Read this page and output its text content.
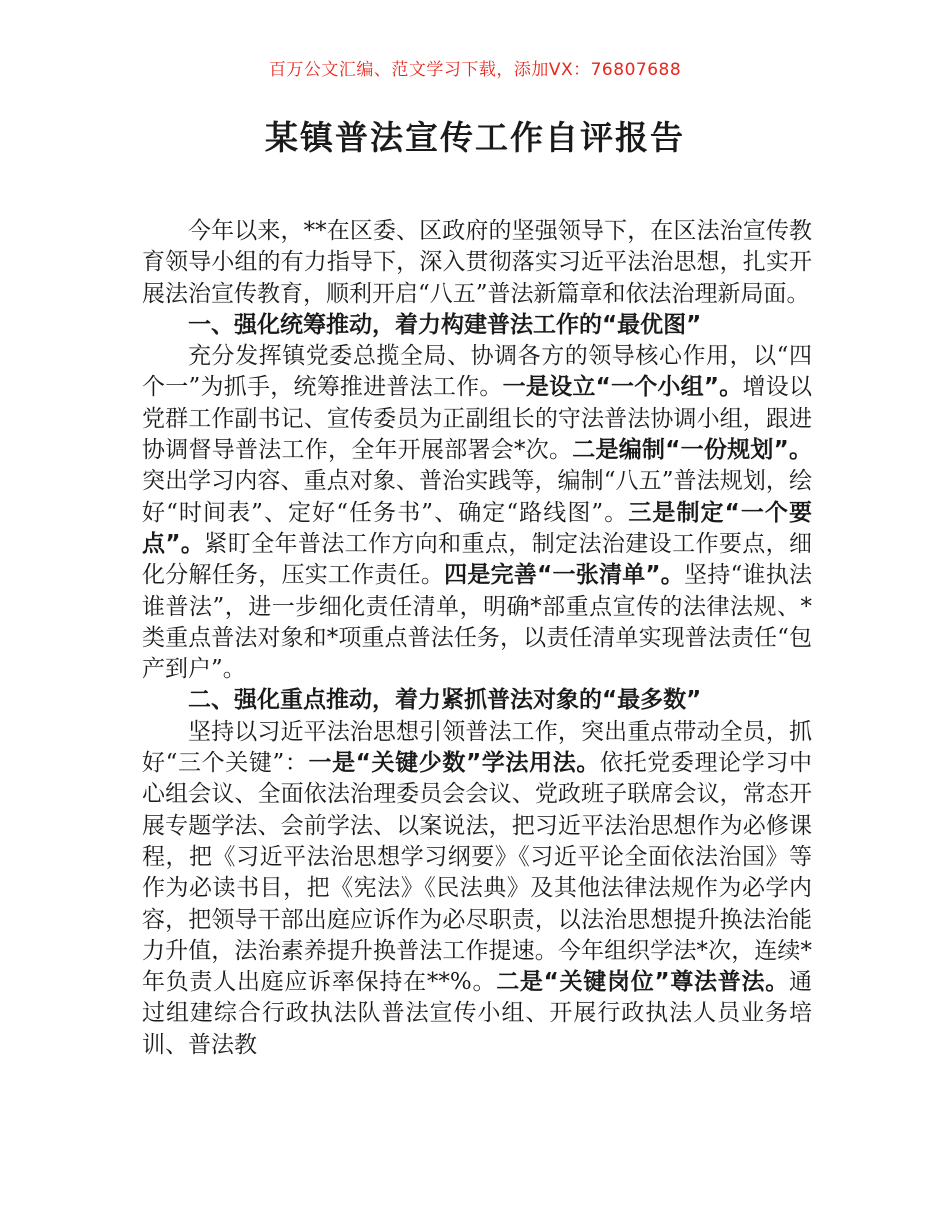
百万公文汇编、范文学习下载，添加VX：76807688
某镇普法宣传工作自评报告

今年以来，**在区委、区政府的坚强领导下，在区法治宣传教育领导小组的有力指导下，深入贯彻落实习近平法治思想，扎实开展法治宣传教育，顺利开启“八五”普法新篇章和依法治理新局面。

一、强化统筹推动，着力构建普法工作的“最优图”

充分发挥镇党委总揽全局、协调各方的领导核心作用，以“四个一”为抓手，统筹推进普法工作。一是设立“一个小组”。增设以党群工作副书记、宣传委员为正副组长的守法普法协调小组，跟进协调督导普法工作，全年开展部署会*次。二是编制“一份规划”。突出学习内容、重点对象、普治实践等，编制“八五”普法规划，绘好“时间表”、定好“任务书”、确定“路线图”。三是制定“一个要点”。紧盯全年普法工作方向和重点，制定法治建设工作要点，细化分解任务，压实工作责任。四是完善“一张清单”。坚持“谁执法谁普法”，进一步细化责任清单，明确*部重点宣传的法律法规、*类重点普法对象和*项重点普法任务，以责任清单实现普法责任“包产到户”。

二、强化重点推动，着力紧抓普法对象的“最多数”

坚持以习近平法治思想引领普法工作，突出重点带动全员，抓好“三个关键”：一是“关键少数”学法用法。依托党委理论学习中心组会议、全面依法治理委员会会议、党政班子联席会议，常态开展专题学法、会前学法、以案说法，把习近平法治思想作为必修课程，把《习近平法治思想学习纲要》《习近平论全面依法治国》等作为必读书目，把《宪法》《民法典》及其他法律法规作为必学内容，把领导干部出庭应诉作为必尽职责，以法治思想提升换法治能力升值，法治素养提升换普法工作提速。今年组织学法*次，连续*年负责人出庭应诉率保持在**%。二是“关键岗位”尊法普法。通过组建综合行政执法队普法宣传小组、开展行政执法人员业务培训、普法教
